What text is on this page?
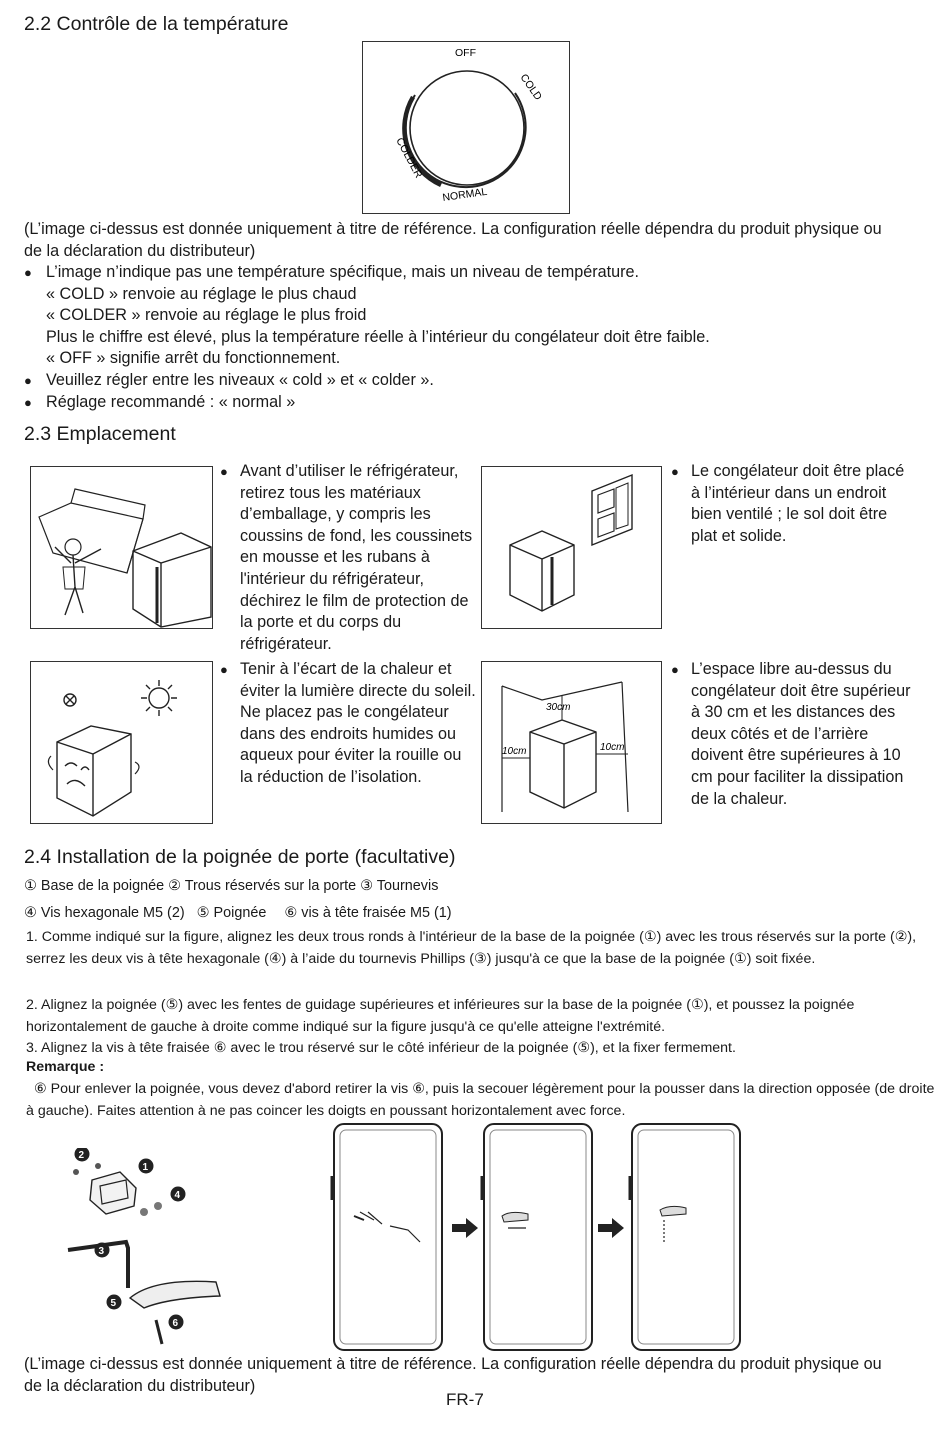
2.2 Contrôle de la température
OFF
COLD
COLDER
NORMAL

(L’image ci-dessus est donnée uniquement à titre de référence. La configuration réelle dépendra du produit physique ou de la déclaration du distributeur)

● L’image n’indique pas une température spécifique, mais un niveau de température.
« COLD » renvoie au réglage le plus chaud
« COLDER » renvoie au réglage le plus froid
Plus le chiffre est élevé, plus la température réelle à l’intérieur du congélateur doit être faible.
« OFF » signifie arrêt du fonctionnement.
● Veuillez régler entre les niveaux « cold » et « colder ».
● Réglage recommandé : « normal »
2.3 Emplacement
● Avant d’utiliser le réfrigérateur, retirez tous les matériaux d’emballage, y compris les coussins de fond, les coussinets en mousse et les rubans à l'intérieur du réfrigérateur, déchirez le film de protection de la porte et du corps du réfrigérateur.
● Le congélateur doit être placé à l’intérieur dans un endroit bien ventilé ; le sol doit être plat et solide.
● Tenir à l’écart de la chaleur et éviter la lumière directe du soleil. Ne placez pas le congélateur dans des endroits humides ou aqueux pour éviter la rouille ou la réduction de l’isolation.
30cm
10cm	10cm
● L’espace libre au-dessus du congélateur doit être supérieur à 30 cm et les distances des deux côtés et de l’arrière doivent être supérieures à 10 cm pour faciliter la dissipation de la chaleur.
2.4 Installation de la poignée de porte (facultative)
① Base de la poignée ② Trous réservés sur la porte ③ Tournevis
④ Vis hexagonale M5 (2) ⑤ Poignée ⑥ vis à tête fraisée M5 (1)
1. Comme indiqué sur la figure, alignez les deux trous ronds à l'intérieur de la base de la poignée (①) avec les trous réservés sur la porte (②), serrez les deux vis à tête hexagonale (④) à l’aide du tournevis Phillips (③) jusqu'à ce que la base de la poignée (①) soit fixée.
2. Alignez la poignée (⑤) avec les fentes de guidage supérieures et inférieures sur la base de la poignée (①), et poussez la poignée horizontalement de gauche à droite comme indiqué sur la figure jusqu'à ce qu'elle atteigne l'extrémité.
3. Alignez la vis à tête fraisée ⑥ avec le trou réservé sur le côté inférieur de la poignée (⑤), et la fixer fermement.
Remarque :
⑥ Pour enlever la poignée, vous devez d'abord retirer la vis ⑥, puis la secouer légèrement pour la pousser dans la direction opposée (de droite à gauche). Faites attention à ne pas coincer les doigts en poussant horizontalement avec force.
2
1
4
3
5
6

(L’image ci-dessus est donnée uniquement à titre de référence. La configuration réelle dépendra du produit physique ou de la déclaration du distributeur)

FR-7
